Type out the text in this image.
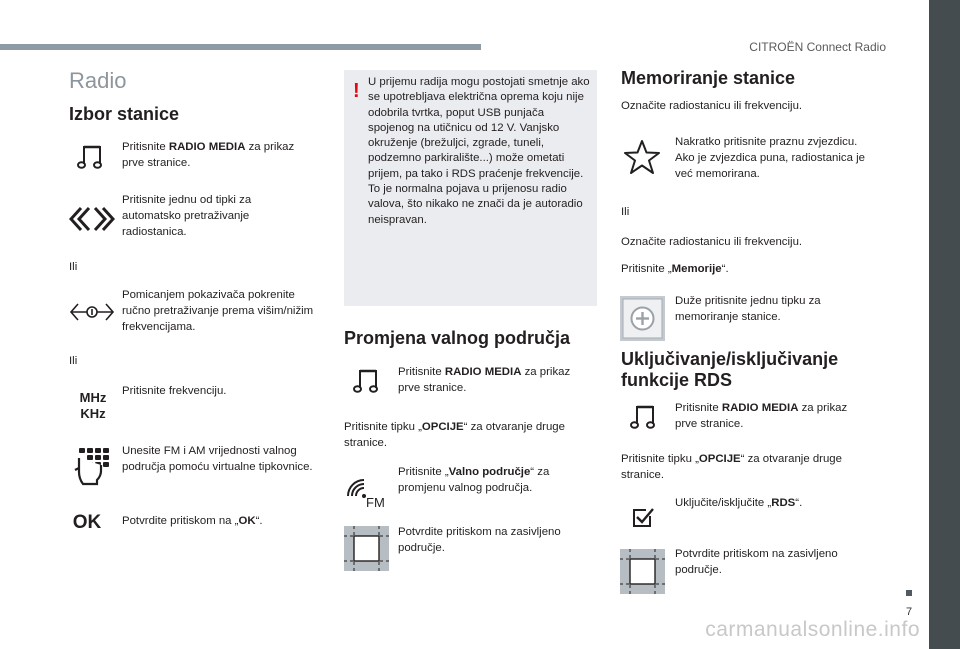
CITROËN Connect Radio
Radio
Izbor stanice
Pritisnite RADIO MEDIA za prikaz prve stranice.
Pritisnite jednu od tipki za automatsko pretraživanje radiostanica.
Ili
Pomicanjem pokazivača pokrenite ručno pretraživanje prema višim/nižim frekvencijama.
Ili
MHz
KHz
Pritisnite frekvenciju.
Unesite FM i AM vrijednosti valnog područja pomoću virtualne tipkovnice.
OK	Potvrdite pritiskom na „OK“.
! U prijemu radija mogu postojati smetnje ako se upotrebljava električna oprema koju nije odobrila tvrtka, poput USB punjača spojenog na utičnicu od 12 V. Vanjsko okruženje (brežuljci, zgrade, tuneli, podzemno parkiralište...) može ometati prijem, pa tako i RDS praćenje frekvencije. To je normalna pojava u prijenosu radio valova, što nikako ne znači da je autoradio neispravan.
Promjena valnog područja
Pritisnite RADIO MEDIA za prikaz prve stranice.
Pritisnite tipku „OPCIJE“ za otvaranje druge stranice.
FM
Pritisnite „Valno područje“ za promjenu valnog područja.
Potvrdite pritiskom na zasivljeno područje.
Memoriranje stanice
Označite radiostanicu ili frekvenciju.
Nakratko pritisnite praznu zvjezdicu. Ako je zvjezdica puna, radiostanica je već memorirana.
Ili
Označite radiostanicu ili frekvenciju.
Pritisnite „Memorije“.
Duže pritisnite jednu tipku za memoriranje stanice.
Uključivanje/isključivanje funkcije RDS
Pritisnite RADIO MEDIA za prikaz prve stranice.
Pritisnite tipku „OPCIJE“ za otvaranje druge stranice.
Uključite/isključite „RDS“.
Potvrdite pritiskom na zasivljeno područje.
7
carmanualsonline.info
